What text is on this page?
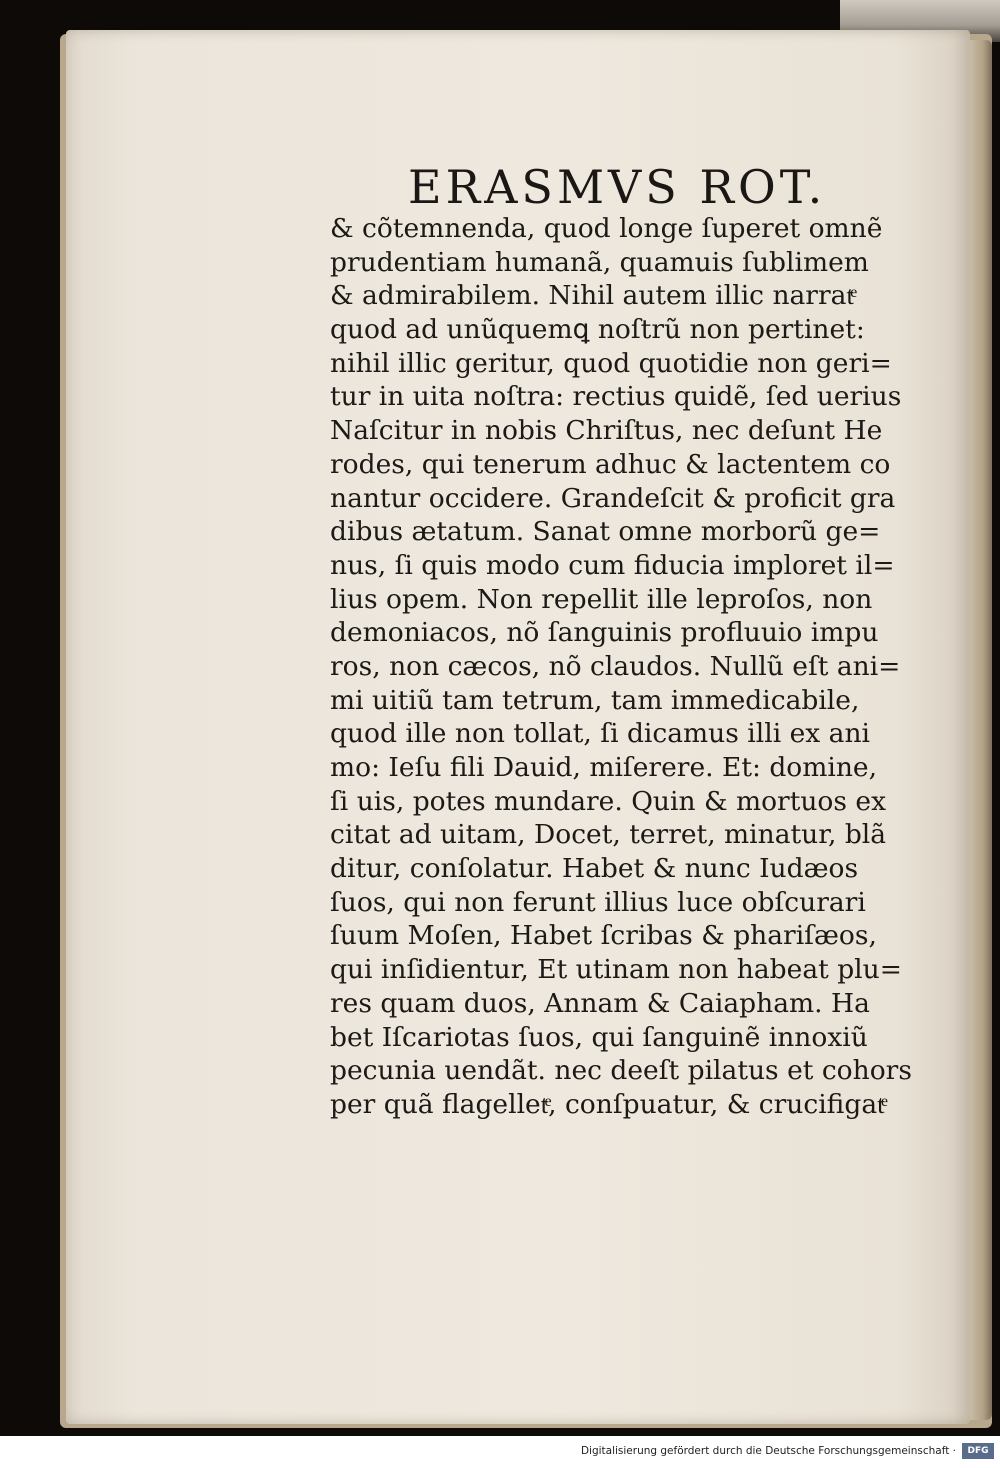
ERASMVS ROT.
& cõtemnenda, quod longe ſuperet omnẽ
prudentiam humanã, quamuis ſublimem
& admirabilem. Nihil autem illic narratͤ
quod ad unũquemꝗ noſtrũ non pertinet:
nihil illic geritur, quod quotidie non geri=
tur in uita noſtra: rectius quidẽ, ſed uerius
Naſcitur in nobis Chriſtus, nec deſunt He
rodes, qui tenerum adhuc & lactentem co
nantur occidere. Grandeſcit & proficit gra
dibus ætatum. Sanat omne morborũ ge=
nus, ſi quis modo cum fiducia imploret il=
lius opem. Non repellit ille leproſos, non
demoniacos, nõ ſanguinis profluuio impu
ros, non cæcos, nõ claudos. Nullũ eſt ani=
mi uitiũ tam tetrum, tam immedicabile,
quod ille non tollat, ſi dicamus illi ex ani
mo: Ieſu fili Dauid, miſerere. Et: domine,
ſi uis, potes mundare. Quin & mortuos ex
citat ad uitam, Docet, terret, minatur, blã
ditur, conſolatur. Habet & nunc Iudæos
ſuos, qui non ferunt illius luce obſcurari
ſuum Moſen, Habet ſcribas & phariſæos,
qui inſidientur, Et utinam non habeat plu=
res quam duos, Annam & Caiapham. Ha
bet Iſcariotas ſuos, qui ſanguinẽ innoxiũ
pecunia uendãt. nec deeſt pilatus et cohors
per quã flagelletͤ, conſpuatur, & crucifigatͤ
Digitalisierung gefördert durch die Deutsche Forschungsgemeinschaft ·	DFG
